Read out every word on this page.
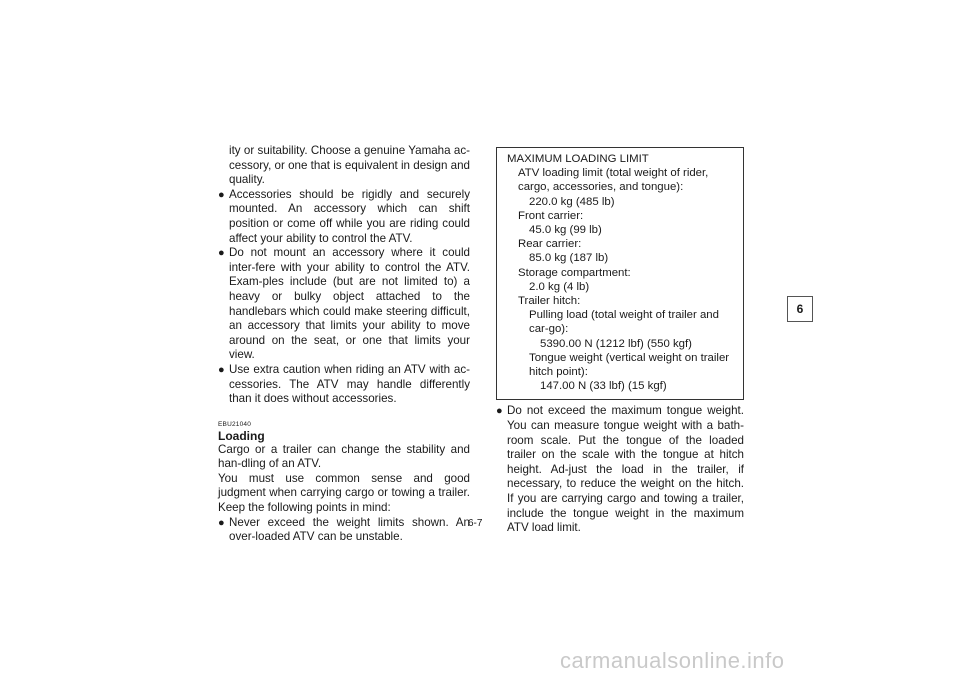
ity or suitability. Choose a genuine Yamaha ac-cessory, or one that is equivalent in design and quality.

● Accessories should be rigidly and securely mounted. An accessory which can shift position or come off while you are riding could affect your ability to control the ATV.
● Do not mount an accessory where it could inter-fere with your ability to control the ATV. Exam-ples include (but are not limited to) a heavy or bulky object attached to the handlebars which could make steering difficult, an accessory that limits your ability to move around on the seat, or one that limits your view.
● Use extra caution when riding an ATV with ac-cessories. The ATV may handle differently than it does without accessories.
EBU21040
Loading

Cargo or a trailer can change the stability and han-dling of an ATV.

You must use common sense and good judgment when carrying cargo or towing a trailer. Keep the following points in mind:

● Never exceed the weight limits shown. An over-loaded ATV can be unstable.
MAXIMUM LOADING LIMIT
ATV loading limit (total weight of rider, cargo, accessories, and tongue):
220.0 kg (485 lb)
Front carrier:
45.0 kg (99 lb)
Rear carrier:
85.0 kg (187 lb)
Storage compartment:
2.0 kg (4 lb)
Trailer hitch:
Pulling load (total weight of trailer and car-go):
5390.00 N (1212 lbf) (550 kgf)
Tongue weight (vertical weight on trailer hitch point):
147.00 N (33 lbf) (15 kgf)
● Do not exceed the maximum tongue weight. You can measure tongue weight with a bath-room scale. Put the tongue of the loaded trailer on the scale with the tongue at hitch height. Ad-just the load in the trailer, if necessary, to reduce the weight on the hitch. If you are carrying cargo and towing a trailer, include the tongue weight in the maximum ATV load limit.
6
6-7
carmanualsonline.info
